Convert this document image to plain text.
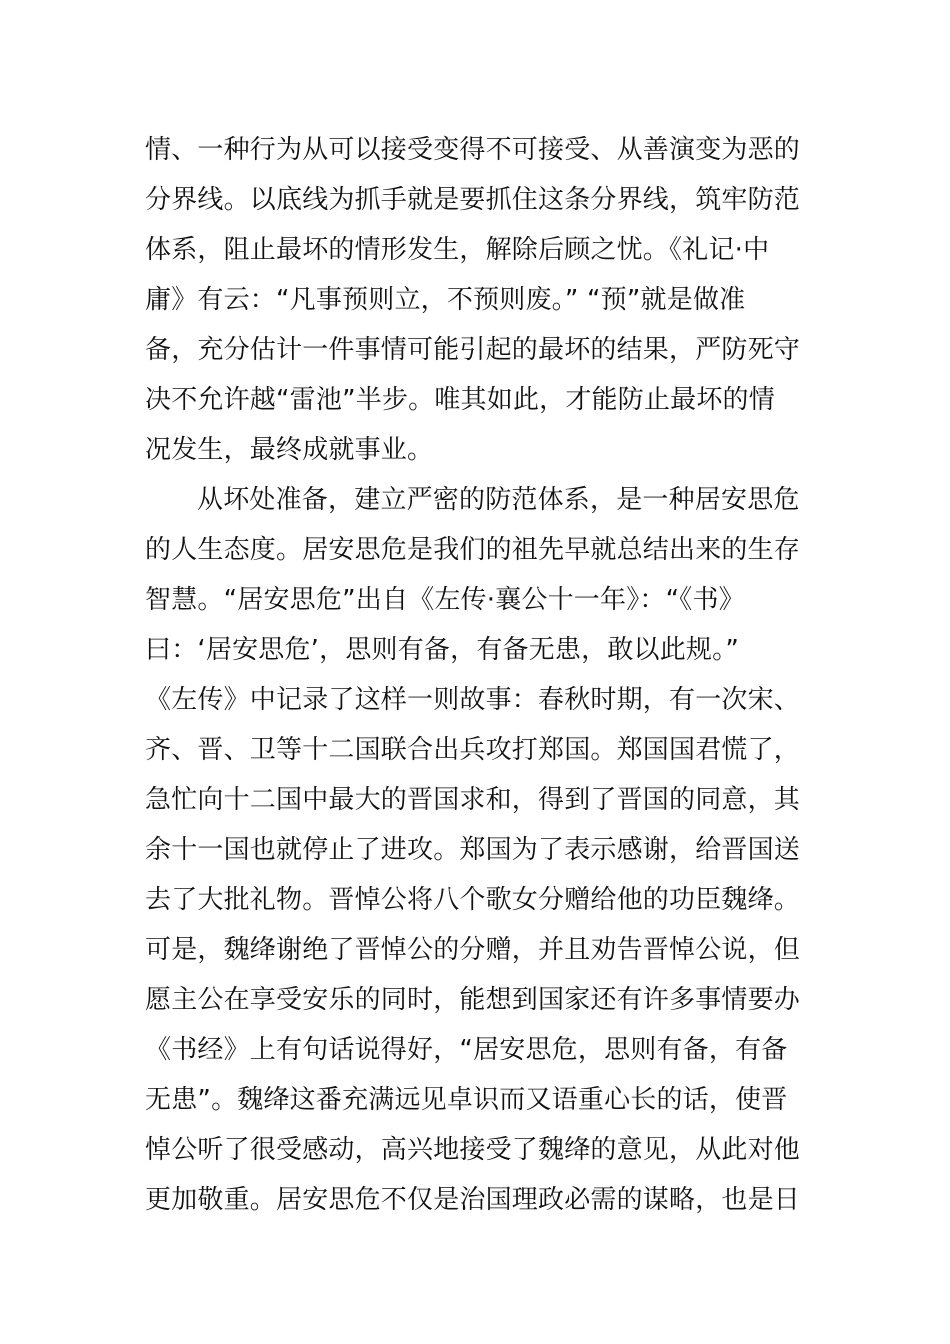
情、一种行为从可以接受变得不可接受、从善演变为恶的
分界线。以底线为抓手就是要抓住这条分界线，筑牢防范
体系，阻止最坏的情形发生，解除后顾之忧。《礼记·中
庸》有云：“凡事预则立，不预则废。” “预”就是做准
备，充分估计一件事情可能引起的最坏的结果，严防死守
决不允许越“雷池”半步。唯其如此，才能防止最坏的情
况发生，最终成就事业。
从坏处准备，建立严密的防范体系，是一种居安思危
的人生态度。居安思危是我们的祖先早就总结出来的生存
智慧。“居安思危”出自《左传·襄公十一年》：“《书》
曰：‘居安思危’，思则有备，有备无患，敢以此规。”
《左传》中记录了这样一则故事：春秋时期，有一次宋、
齐、晋、卫等十二国联合出兵攻打郑国。郑国国君慌了，
急忙向十二国中最大的晋国求和，得到了晋国的同意，其
余十一国也就停止了进攻。郑国为了表示感谢，给晋国送
去了大批礼物。晋悼公将八个歌女分赠给他的功臣魏绛。
可是，魏绛谢绝了晋悼公的分赠，并且劝告晋悼公说，但
愿主公在享受安乐的同时，能想到国家还有许多事情要办
《书经》上有句话说得好，“居安思危，思则有备，有备
无患”。魏绛这番充满远见卓识而又语重心长的话，使晋
悼公听了很受感动，高兴地接受了魏绛的意见，从此对他
更加敬重。居安思危不仅是治国理政必需的谋略，也是日
